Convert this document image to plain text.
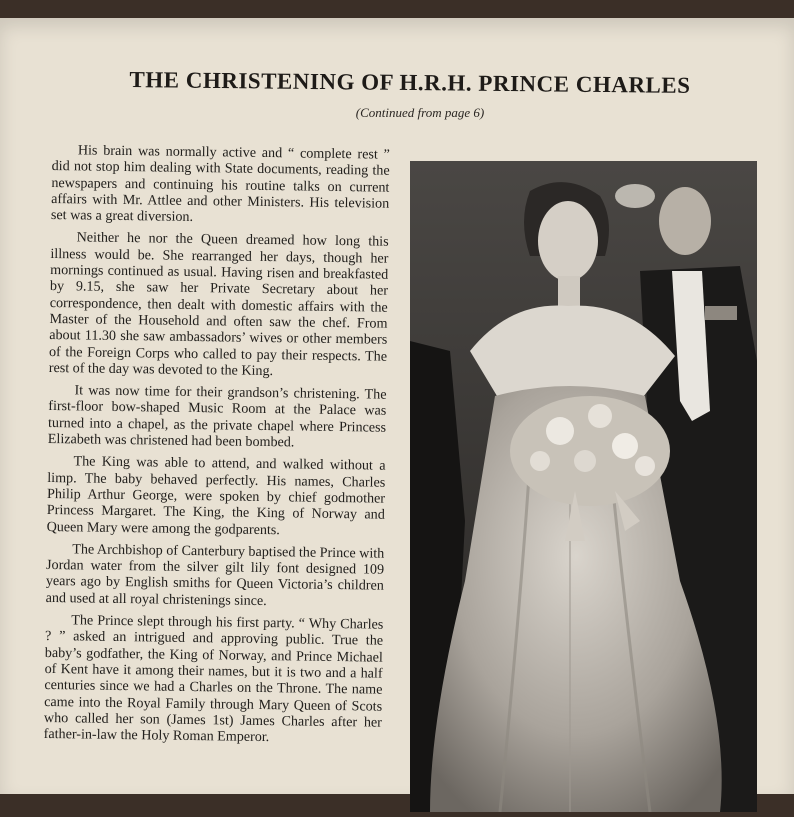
THE CHRISTENING OF H.R.H. PRINCE CHARLES
(Continued from page 6)

His brain was normally active and “ complete rest ” did not stop him dealing with State documents, reading the newspapers and continuing his routine talks on current affairs with Mr. Attlee and other Ministers. His television set was a great diversion.

Neither he nor the Queen dreamed how long this illness would be. She rearranged her days, though her mornings continued as usual. Having risen and breakfasted by 9.15, she saw her Private Secretary about her correspondence, then dealt with domestic affairs with the Master of the Household and often saw the chef. From about 11.30 she saw ambassadors’ wives or other members of the Foreign Corps who called to pay their respects. The rest of the day was devoted to the King.

It was now time for their grandson’s christening. The first-floor bow-shaped Music Room at the Palace was turned into a chapel, as the private chapel where Princess Elizabeth was christened had been bombed.

The King was able to attend, and walked without a limp. The baby behaved perfectly. His names, Charles Philip Arthur George, were spoken by chief godmother Princess Margaret. The King, the King of Norway and Queen Mary were among the godparents.

The Archbishop of Canterbury baptised the Prince with Jordan water from the silver gilt lily font designed 109 years ago by English smiths for Queen Victoria’s children and used at all royal christenings since.

The Prince slept through his first party. “ Why Charles ? ” asked an intrigued and approving public. True the baby’s godfather, the King of Norway, and Prince Michael of Kent have it among their names, but it is two and a half centuries since we had a Charles on the Throne. The name came into the Royal Family through Mary Queen of Scots who called her son (James 1st) James Charles after her father-in-law the Holy Roman Emperor.
